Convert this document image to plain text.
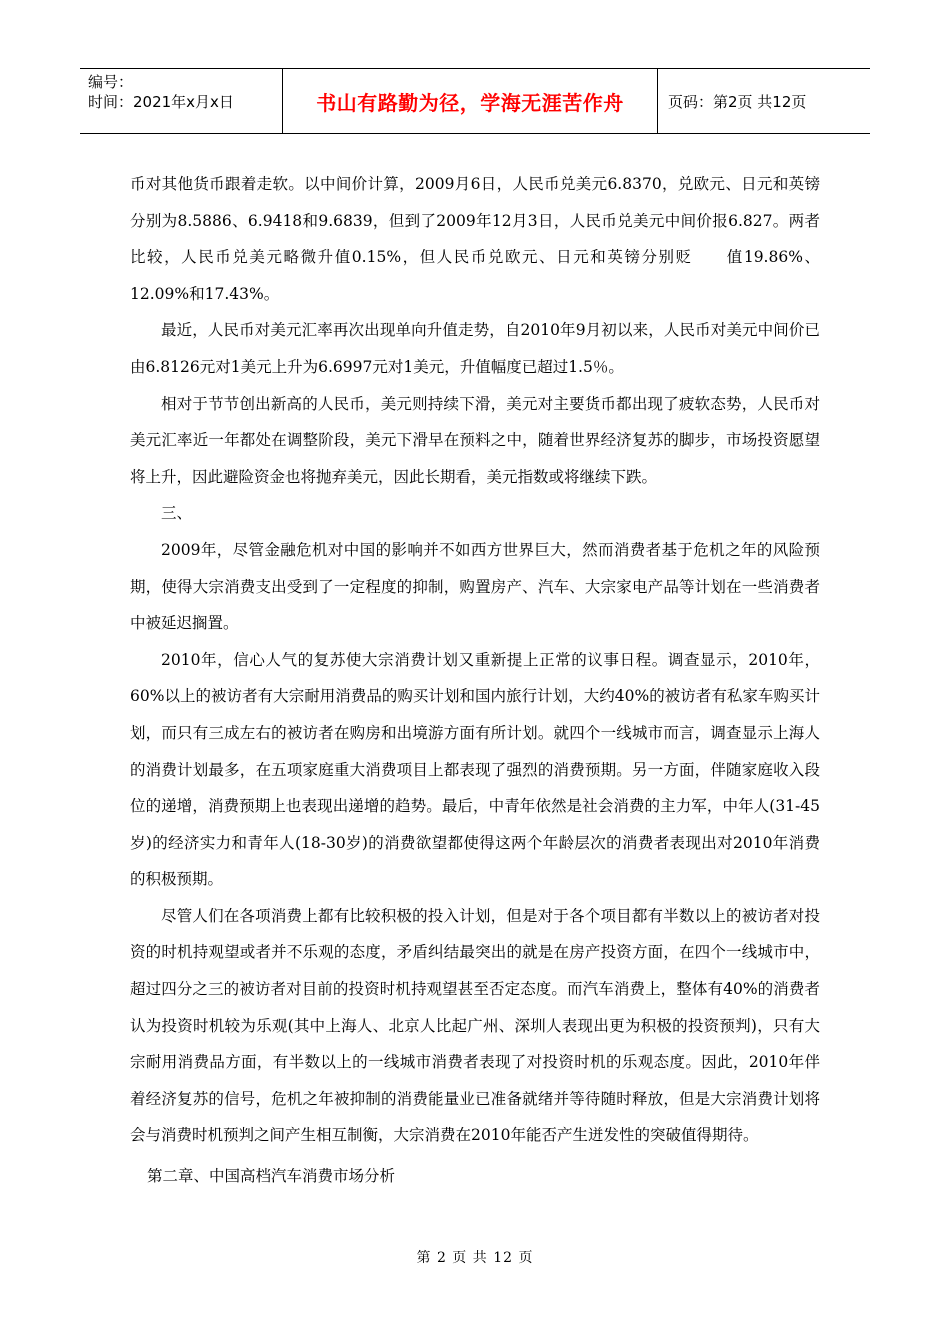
编号：
时间：2021年x月x日	书山有路勤为径，学海无涯苦作舟	页码：第2页 共12页

币对其他货币跟着走软。以中间价计算，2009月6日，人民币兑美元6.8370，兑欧元、日元和英镑分别为8.5886、6.9418和9.6839，但到了2009年12月3日，人民币兑美元中间价报6.827。两者比较，人民币兑美元略微升值0.15%，但人民币兑欧元、日元和英镑分别贬　　值19.86%、12.09%和17.43%。

最近，人民币对美元汇率再次出现单向升值走势，自2010年9月初以来，人民币对美元中间价已由6.8126元对1美元上升为6.6997元对1美元，升值幅度已超过1.5％。

相对于节节创出新高的人民币，美元则持续下滑，美元对主要货币都出现了疲软态势，人民币对美元汇率近一年都处在调整阶段，美元下滑早在预料之中，随着世界经济复苏的脚步，市场投资愿望将上升，因此避险资金也将抛弃美元，因此长期看，美元指数或将继续下跌。

三、

2009年，尽管金融危机对中国的影响并不如西方世界巨大，然而消费者基于危机之年的风险预期，使得大宗消费支出受到了一定程度的抑制，购置房产、汽车、大宗家电产品等计划在一些消费者中被延迟搁置。

2010年，信心人气的复苏使大宗消费计划又重新提上正常的议事日程。调查显示，2010年，60%以上的被访者有大宗耐用消费品的购买计划和国内旅行计划，大约40%的被访者有私家车购买计划，而只有三成左右的被访者在购房和出境游方面有所计划。就四个一线城市而言，调查显示上海人的消费计划最多，在五项家庭重大消费项目上都表现了强烈的消费预期。另一方面，伴随家庭收入段位的递增，消费预期上也表现出递增的趋势。最后，中青年依然是社会消费的主力军，中年人(31-45岁)的经济实力和青年人(18-30岁)的消费欲望都使得这两个年龄层次的消费者表现出对2010年消费的积极预期。

尽管人们在各项消费上都有比较积极的投入计划，但是对于各个项目都有半数以上的被访者对投资的时机持观望或者并不乐观的态度，矛盾纠结最突出的就是在房产投资方面，在四个一线城市中，超过四分之三的被访者对目前的投资时机持观望甚至否定态度。而汽车消费上，整体有40%的消费者认为投资时机较为乐观(其中上海人、北京人比起广州、深圳人表现出更为积极的投资预判)，只有大宗耐用消费品方面，有半数以上的一线城市消费者表现了对投资时机的乐观态度。因此，2010年伴着经济复苏的信号，危机之年被抑制的消费能量业已准备就绪并等待随时释放，但是大宗消费计划将会与消费时机预判之间产生相互制衡，大宗消费在2010年能否产生迸发性的突破值得期待。

第二章、中国高档汽车消费市场分析

第 2 页 共 12 页
